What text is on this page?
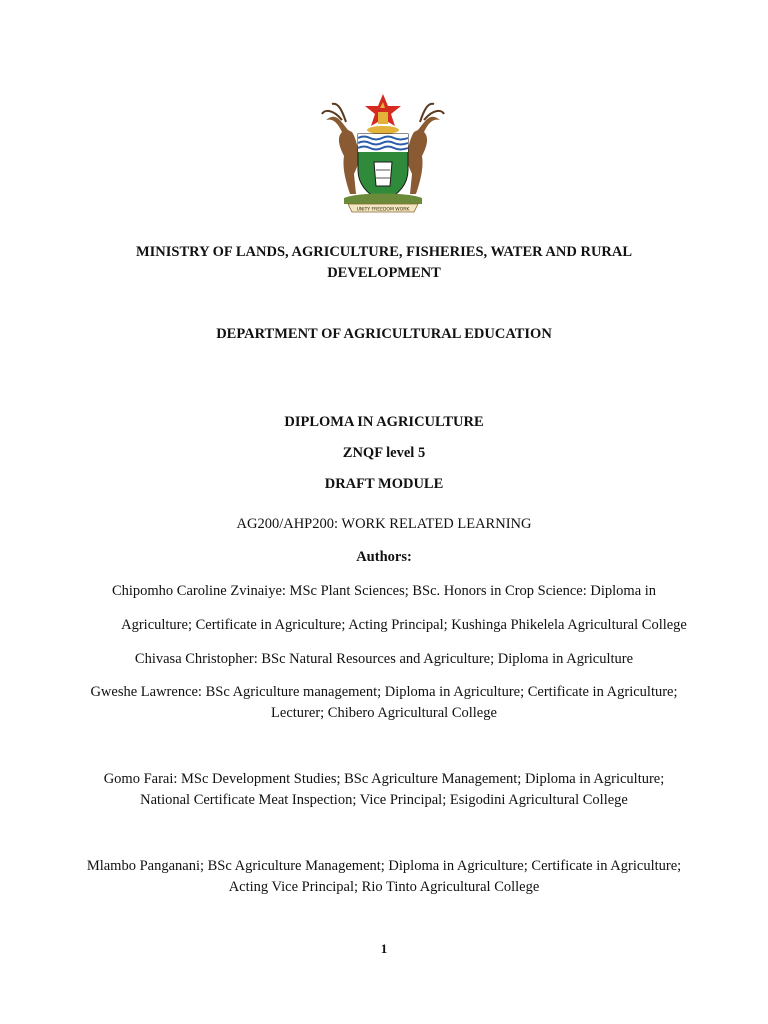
UNITY FREEDOM WORK
MINISTRY OF LANDS, AGRICULTURE, FISHERIES, WATER AND RURAL
DEVELOPMENT
DEPARTMENT OF AGRICULTURAL EDUCATION
DIPLOMA IN AGRICULTURE
ZNQF level 5
DRAFT MODULE
AG200/AHP200: WORK RELATED LEARNING
Authors:
Chipomho Caroline Zvinaiye: MSc Plant Sciences; BSc. Honors in Crop Science: Diploma in
Agriculture; Certificate in Agriculture; Acting Principal; Kushinga Phikelela Agricultural College
Chivasa Christopher: BSc Natural Resources and Agriculture; Diploma in Agriculture
Gweshe Lawrence: BSc Agriculture management; Diploma in Agriculture; Certificate in Agriculture;
Lecturer; Chibero Agricultural College
Gomo Farai: MSc Development Studies; BSc Agriculture Management; Diploma in Agriculture;
National Certificate Meat Inspection; Vice Principal; Esigodini Agricultural College
Mlambo Panganani; BSc Agriculture Management; Diploma in Agriculture; Certificate in Agriculture;
Acting Vice Principal; Rio Tinto Agricultural College
1
